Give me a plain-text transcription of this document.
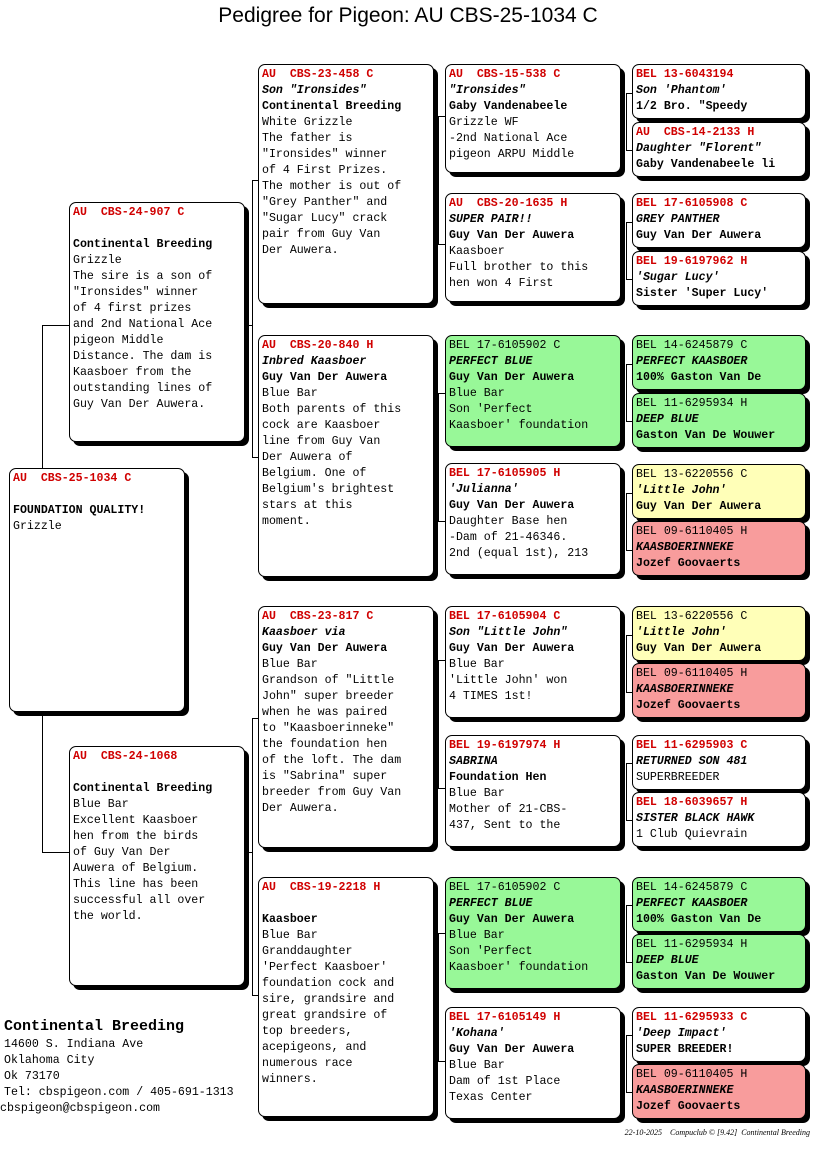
Pedigree for Pigeon: AU CBS-25-1034 C
AU  CBS-25-1034 C
FOUNDATION QUALITY!
Grizzle
AU  CBS-24-907 C
Continental Breeding
Grizzle
The sire is a son of
"Ironsides" winner
of 4 first prizes
and 2nd National Ace
pigeon Middle
Distance. The dam is
Kaasboer from the
outstanding lines of
Guy Van Der Auwera.
AU  CBS-24-1068
Continental Breeding
Blue Bar
Excellent Kaasboer
hen from the birds
of Guy Van Der
Auwera of Belgium.
This line has been
successful all over
the world.
AU  CBS-23-458 C
Son "Ironsides"
Continental Breeding
White Grizzle
The father is
"Ironsides" winner
of 4 First Prizes.
The mother is out of
"Grey Panther" and
"Sugar Lucy" crack
pair from Guy Van
Der Auwera.
AU  CBS-20-840 H
Inbred Kaasboer
Guy Van Der Auwera
Blue Bar
Both parents of this
cock are Kaasboer
line from Guy Van
Der Auwera of
Belgium. One of
Belgium's brightest
stars at this
moment.
AU  CBS-23-817 C
Kaasboer via
Guy Van Der Auwera
Blue Bar
Grandson of "Little
John" super breeder
when he was paired
to "Kaasboerinneke"
the foundation hen
of the loft. The dam
is "Sabrina" super
breeder from Guy Van
Der Auwera.
AU  CBS-19-2218 H
Kaasboer
Blue Bar
Granddaughter
'Perfect Kaasboer'
foundation cock and
sire, grandsire and
great grandsire of
top breeders,
acepigeons, and
numerous race
winners.
AU  CBS-15-538 C
"Ironsides"
Gaby Vandenabeele
Grizzle WF
-2nd National Ace
pigeon ARPU Middle
AU  CBS-20-1635 H
SUPER PAIR!!
Guy Van Der Auwera
Kaasboer
Full brother to this
hen won 4 First
BEL 17-6105902 C
PERFECT BLUE
Guy Van Der Auwera
Blue Bar
Son 'Perfect
Kaasboer' foundation
BEL 17-6105905 H
'Julianna'
Guy Van Der Auwera
Daughter Base hen
-Dam of 21-46346.
2nd (equal 1st), 213
BEL 17-6105904 C
Son "Little John"
Guy Van Der Auwera
Blue Bar
'Little John' won
4 TIMES 1st!
BEL 19-6197974 H
SABRINA
Foundation Hen
Blue Bar
Mother of 21-CBS-
437, Sent to the
BEL 17-6105902 C
PERFECT BLUE
Guy Van Der Auwera
Blue Bar
Son 'Perfect
Kaasboer' foundation
BEL 17-6105149 H
'Kohana'
Guy Van Der Auwera
Blue Bar
Dam of 1st Place
Texas Center
BEL 13-6043194
Son 'Phantom'
1/2 Bro. "Speedy
AU  CBS-14-2133 H
Daughter "Florent"
Gaby Vandenabeele li
BEL 17-6105908 C
GREY PANTHER
Guy Van Der Auwera
BEL 19-6197962 H
'Sugar Lucy'
Sister 'Super Lucy'
BEL 14-6245879 C
PERFECT KAASBOER
100% Gaston Van De
BEL 11-6295934 H
DEEP BLUE
Gaston Van De Wouwer
BEL 13-6220556 C
'Little John'
Guy Van Der Auwera
BEL 09-6110405 H
KAASBOERINNEKE
Jozef Goovaerts
BEL 13-6220556 C
'Little John'
Guy Van Der Auwera
BEL 09-6110405 H
KAASBOERINNEKE
Jozef Goovaerts
BEL 11-6295903 C
RETURNED SON 481
SUPERBREEDER
BEL 18-6039657 H
SISTER BLACK HAWK
1 Club Quievrain
BEL 14-6245879 C
PERFECT KAASBOER
100% Gaston Van De
BEL 11-6295934 H
DEEP BLUE
Gaston Van De Wouwer
BEL 11-6295933 C
'Deep Impact'
SUPER BREEDER!
BEL 09-6110405 H
KAASBOERINNEKE
Jozef Goovaerts
Continental Breeding
14600 S. Indiana Ave
Oklahoma City
Ok 73170
Tel: cbspigeon.com / 405-691-1313
cbspigeon@cbspigeon.com
22-10-2025    Compuclub © [9.42]  Continental Breeding
